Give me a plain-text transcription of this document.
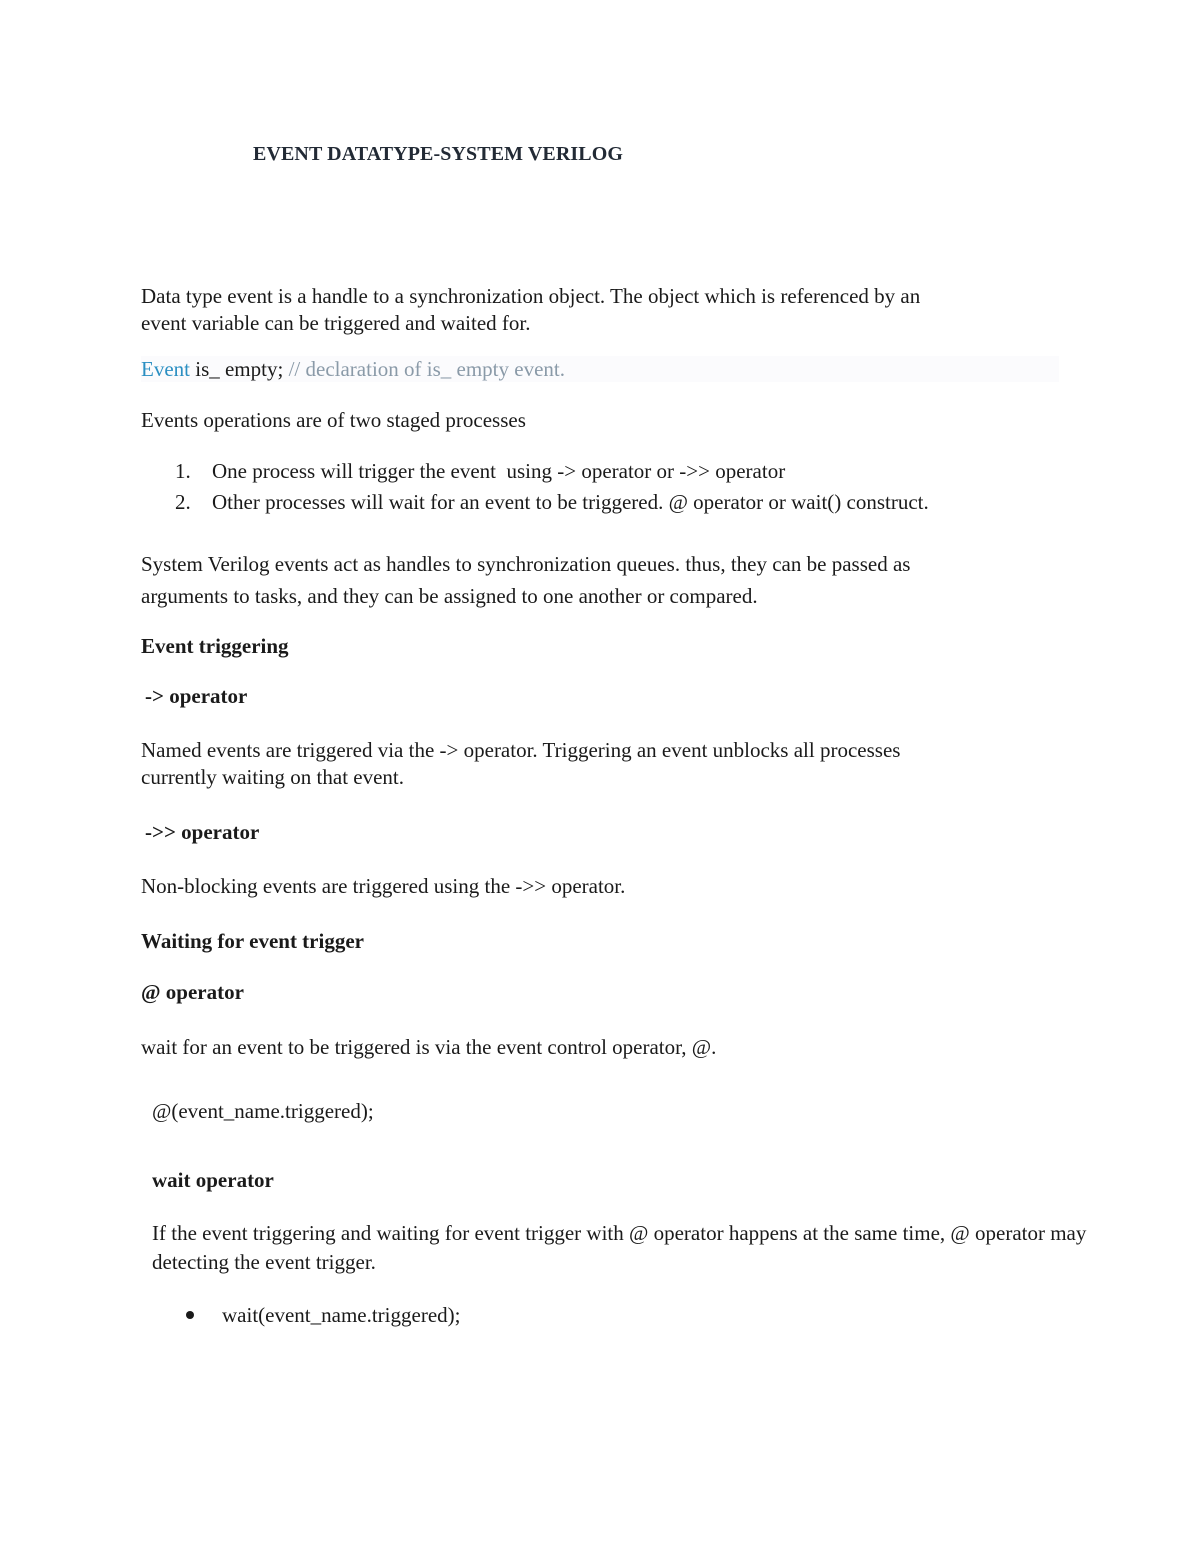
EVENT DATATYPE-SYSTEM VERILOG
Data type event is a handle to a synchronization object. The object which is referenced by an
event variable can be triggered and waited for.
Event is_ empty; // declaration of is_ empty event.
Events operations are of two staged processes
1. One process will trigger the event  using -> operator or ->> operator
2. Other processes will wait for an event to be triggered. @ operator or wait() construct.
System Verilog events act as handles to synchronization queues. thus, they can be passed as
arguments to tasks, and they can be assigned to one another or compared.
Event triggering
-> operator
Named events are triggered via the -> operator. Triggering an event unblocks all processes
currently waiting on that event.
->> operator
Non-blocking events are triggered using the ->> operator.
Waiting for event trigger
@ operator
wait for an event to be triggered is via the event control operator, @.
@(event_name.triggered);
wait operator
If the event triggering and waiting for event trigger with @ operator happens at the same time, @ operator may
detecting the event trigger.
wait(event_name.triggered);
